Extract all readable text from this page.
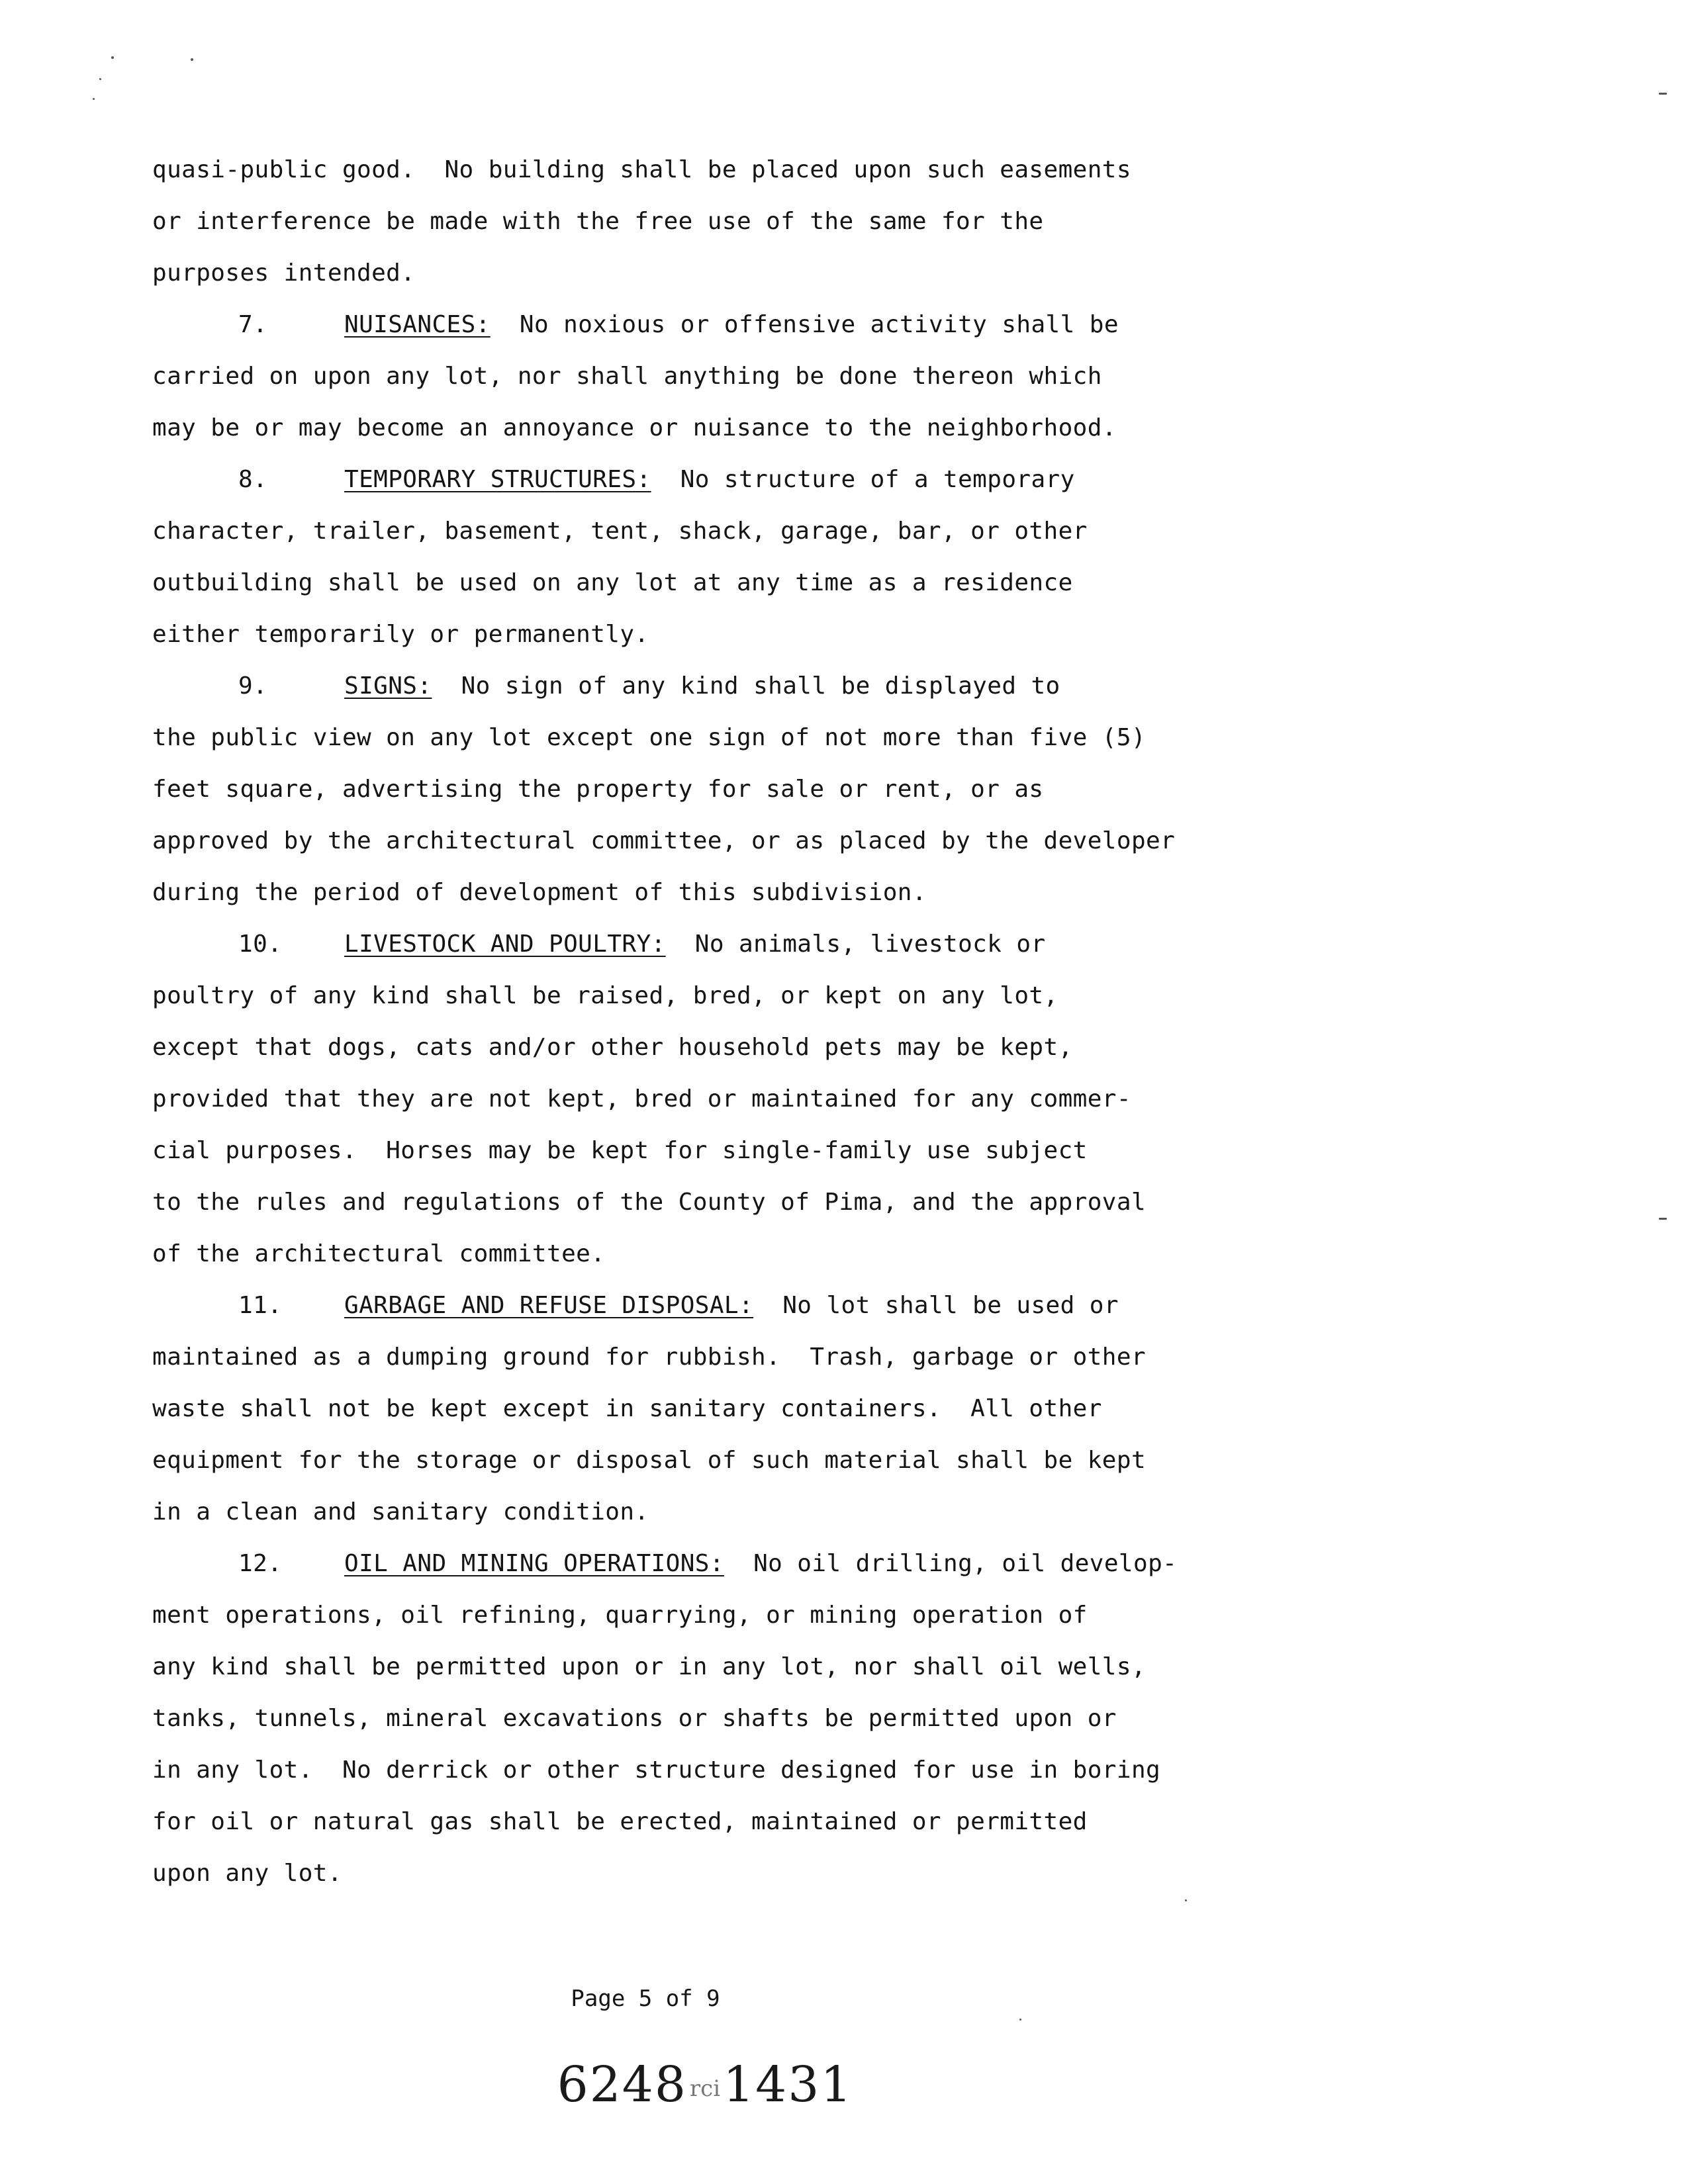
quasi-public good.  No building shall be placed upon such easements
or interference be made with the free use of the same for the
purposes intended.
7.	NUISANCES:  No noxious or offensive activity shall be
carried on upon any lot, nor shall anything be done thereon which
may be or may become an annoyance or nuisance to the neighborhood.
8.	TEMPORARY STRUCTURES:  No structure of a temporary
character, trailer, basement, tent, shack, garage, bar, or other
outbuilding shall be used on any lot at any time as a residence
either temporarily or permanently.
9.	SIGNS:  No sign of any kind shall be displayed to
the public view on any lot except one sign of not more than five (5)
feet square, advertising the property for sale or rent, or as
approved by the architectural committee, or as placed by the developer
during the period of development of this subdivision.
10.	LIVESTOCK AND POULTRY:  No animals, livestock or
poultry of any kind shall be raised, bred, or kept on any lot,
except that dogs, cats and/or other household pets may be kept,
provided that they are not kept, bred or maintained for any commer-
cial purposes.  Horses may be kept for single-family use subject
to the rules and regulations of the County of Pima, and the approval
of the architectural committee.
11.	GARBAGE AND REFUSE DISPOSAL:  No lot shall be used or
maintained as a dumping ground for rubbish.  Trash, garbage or other
waste shall not be kept except in sanitary containers.  All other
equipment for the storage or disposal of such material shall be kept
in a clean and sanitary condition.
12.	OIL AND MINING OPERATIONS:  No oil drilling, oil develop-
ment operations, oil refining, quarrying, or mining operation of
any kind shall be permitted upon or in any lot, nor shall oil wells,
tanks, tunnels, mineral excavations or shafts be permitted upon or
in any lot.  No derrick or other structure designed for use in boring
for oil or natural gas shall be erected, maintained or permitted
upon any lot.
Page 5 of 9
6248 rci1431
